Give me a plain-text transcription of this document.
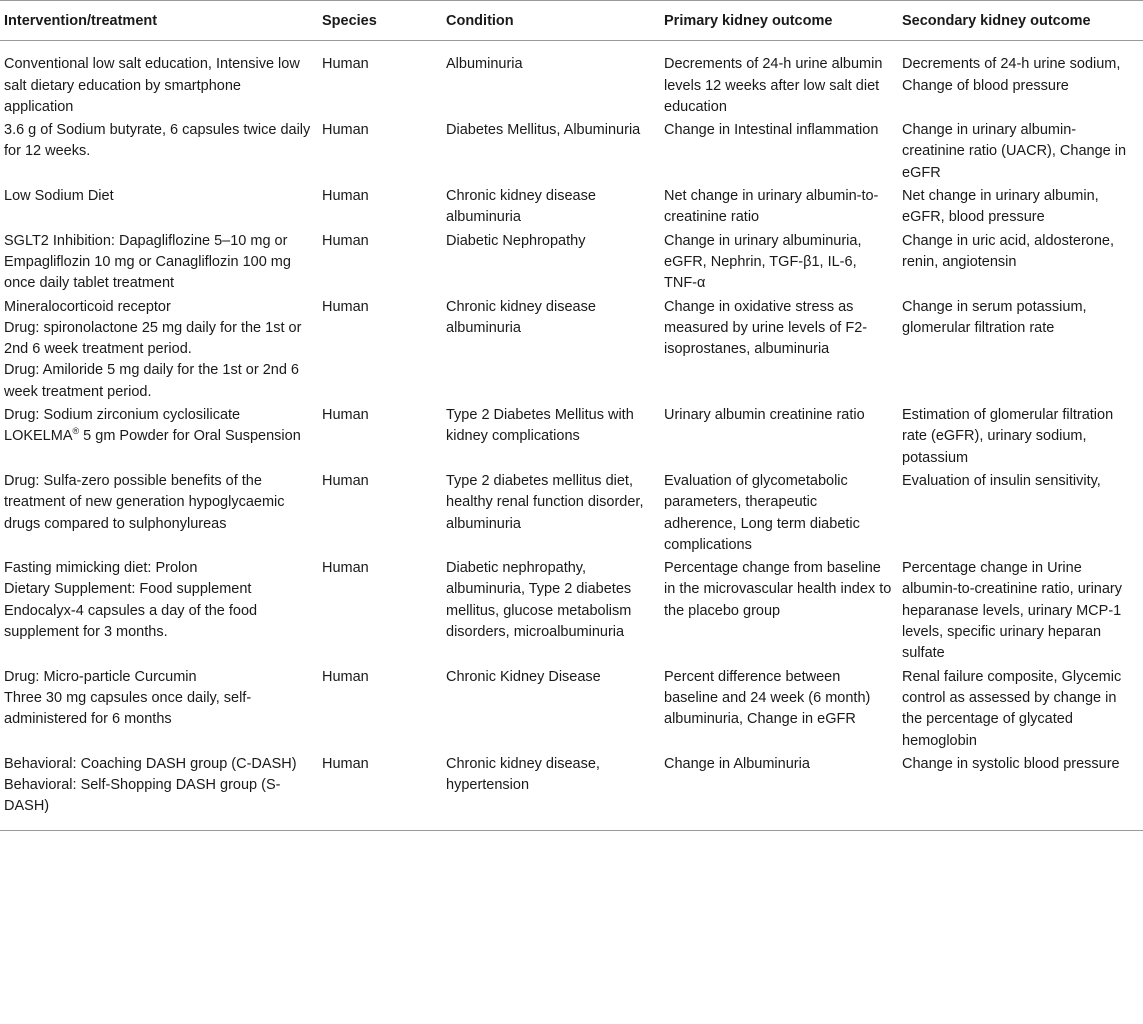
Intervention/treatment	Species	Condition	Primary kidney outcome	Secondary kidney outcome

Conventional low salt education, Intensive low salt dietary education by smartphone application	Human	Albuminuria	Decrements of 24-h urine albumin levels 12 weeks after low salt diet education	Decrements of 24-h urine sodium, Change of blood pressure

3.6 g of Sodium butyrate, 6 capsules twice daily for 12 weeks.	Human	Diabetes Mellitus, Albuminuria	Change in Intestinal inflammation	Change in urinary albumin-creatinine ratio (UACR), Change in eGFR

Low Sodium Diet	Human	Chronic kidney disease albuminuria	Net change in urinary albumin-to-creatinine ratio	Net change in urinary albumin, eGFR, blood pressure

SGLT2 Inhibition: Dapagliflozine 5–10 mg or Empagliflozin 10 mg or Canagliflozin 100 mg once daily tablet treatment	Human	Diabetic Nephropathy	Change in urinary albuminuria, eGFR, Nephrin, TGF-β1, IL-6, TNF-α	Change in uric acid, aldosterone, renin, angiotensin

Mineralocorticoid receptor
Drug: spironolactone 25 mg daily for the 1st or 2nd 6 week treatment period.
Drug: Amiloride 5 mg daily for the 1st or 2nd 6 week treatment period.	Human	Chronic kidney disease albuminuria	Change in oxidative stress as measured by urine levels of F2-isoprostanes, albuminuria	Change in serum potassium, glomerular filtration rate
Drug: Sodium zirconium cyclosilicate LOKELMA® 5 gm Powder for Oral Suspension	Human	Type 2 Diabetes Mellitus with kidney complications	Urinary albumin creatinine ratio	Estimation of glomerular filtration rate (eGFR), urinary sodium, potassium

Drug: Sulfa-zero possible benefits of the treatment of new generation hypoglycaemic drugs compared to sulphonylureas	Human	Type 2 diabetes mellitus diet, healthy renal function disorder, albuminuria	Evaluation of glycometabolic parameters, therapeutic adherence, Long term diabetic complications	Evaluation of insulin sensitivity,

Fasting mimicking diet: Prolon
Dietary Supplement: Food supplement Endocalyx-4 capsules a day of the food supplement for 3 months.	Human	Diabetic nephropathy, albuminuria, Type 2 diabetes mellitus, glucose metabolism disorders, microalbuminuria	Percentage change from baseline in the microvascular health index to the placebo group	Percentage change in Urine albumin-to-creatinine ratio, urinary heparanase levels, urinary MCP-1 levels, specific urinary heparan sulfate

Drug: Micro-particle Curcumin
Three 30 mg capsules once daily, self-administered for 6 months	Human	Chronic Kidney Disease	Percent difference between baseline and 24 week (6 month) albuminuria, Change in eGFR	Renal failure composite, Glycemic control as assessed by change in the percentage of glycated hemoglobin

Behavioral: Coaching DASH group (C-DASH)
Behavioral: Self-Shopping DASH group (S-DASH)	Human	Chronic kidney disease, hypertension	Change in Albuminuria	Change in systolic blood pressure
